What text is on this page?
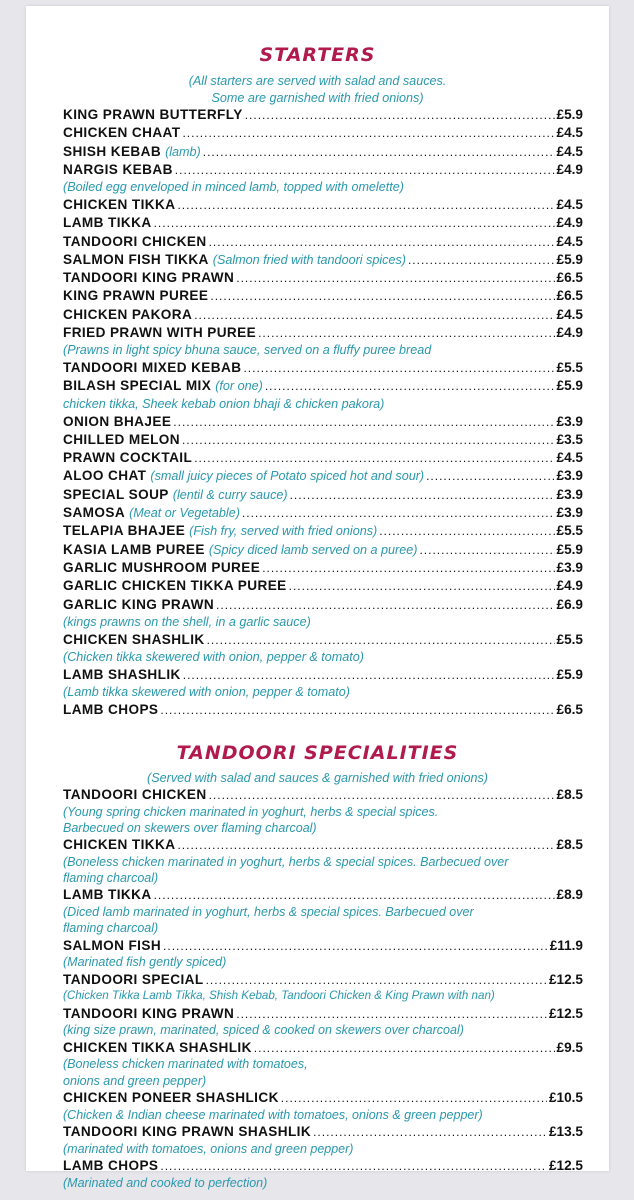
STARTERS
(All starters are served with salad and sauces.
Some are garnished with fried onions)
KING PRAWN BUTTERFLY .....	£5.9
CHICKEN CHAAT .....	£4.5
SHISH KEBAB (lamb) .....	£4.5
NARGIS KEBAB .....	£4.9
(Boiled egg enveloped in minced lamb, topped with omelette)
CHICKEN TIKKA .....	£4.5
LAMB TIKKA .....	£4.9
TANDOORI CHICKEN .....	£4.5
SALMON FISH TIKKA (Salmon fried with tandoori spices) .....	£5.9
TANDOORI KING PRAWN .....	£6.5
KING PRAWN PUREE .....	£6.5
CHICKEN PAKORA .....	£4.5
FRIED PRAWN WITH PUREE .....	£4.9
(Prawns in light spicy bhuna sauce, served on a fluffy puree bread
TANDOORI MIXED KEBAB .....	£5.5
BILASH SPECIAL MIX (for one) .....	£5.9
chicken tikka, Sheek kebab onion bhaji & chicken pakora)
ONION BHAJEE .....	£3.9
CHILLED MELON .....	£3.5
PRAWN COCKTAIL .....	£4.5
ALOO CHAT (small juicy pieces of Potato spiced hot and sour) .....	£3.9
SPECIAL SOUP (lentil & curry sauce) .....	£3.9
SAMOSA (Meat or Vegetable) .....	£3.9
TELAPIA BHAJEE (Fish fry, served with fried onions) .....	£5.5
KASIA LAMB PUREE (Spicy diced lamb served on a puree) .....	£5.9
GARLIC MUSHROOM PUREE .....	£3.9
GARLIC CHICKEN TIKKA PUREE .....	£4.9
GARLIC KING PRAWN .....	£6.9
(kings prawns on the shell, in a garlic sauce)
CHICKEN SHASHLIK .....	£5.5
(Chicken tikka skewered with onion, pepper & tomato)
LAMB SHASHLIK .....	£5.9
(Lamb tikka skewered with onion, pepper & tomato)
LAMB CHOPS .....	£6.5
TANDOORI SPECIALITIES
(Served with salad and sauces & garnished with fried onions)
TANDOORI CHICKEN .....	£8.5
(Young spring chicken marinated in yoghurt, herbs & special spices.
Barbecued on skewers over flaming charcoal)
CHICKEN TIKKA .....	£8.5
(Boneless chicken marinated in yoghurt, herbs & special spices. Barbecued over
flaming charcoal)
LAMB TIKKA .....	£8.9
(Diced lamb marinated in yoghurt, herbs & special spices. Barbecued over
flaming charcoal)
SALMON FISH .....	£11.9
(Marinated fish gently spiced)
TANDOORI SPECIAL .....	£12.5
(Chicken Tikka Lamb Tikka, Shish Kebab, Tandoori Chicken & King Prawn with nan)
TANDOORI KING PRAWN .....	£12.5
(king size prawn, marinated, spiced & cooked on skewers over charcoal)
CHICKEN TIKKA SHASHLIK .....	£9.5
(Boneless chicken marinated with tomatoes,
onions and green pepper)
CHICKEN PONEER SHASHLICK .....	£10.5
(Chicken & Indian cheese marinated with tomatoes, onions & green pepper)
TANDOORI KING PRAWN SHASHLIK .....	£13.5
(marinated with tomatoes, onions and green pepper)
LAMB CHOPS .....	£12.5
(Marinated and cooked to perfection)
